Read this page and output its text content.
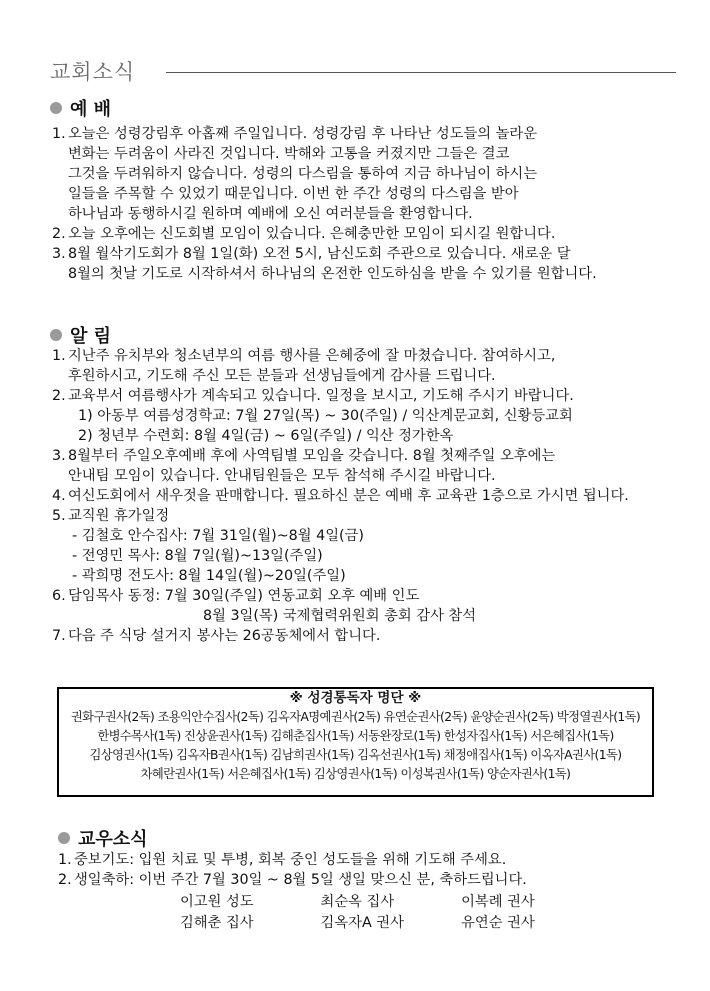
교회소식
예 배
1. 오늘은 성령강림후 아홉째 주일입니다. 성령강림 후 나타난 성도들의 놀라운
변화는 두려움이 사라진 것입니다. 박해와 고통을 커졌지만 그들은 결코
그것을 두려워하지 않습니다. 성령의 다스림을 통하여 지금 하나님이 하시는
일들을 주목할 수 있었기 때문입니다. 이번 한 주간 성령의 다스림을 받아
하나님과 동행하시길 원하며 예배에 오신 여러분들을 환영합니다.
2. 오늘 오후에는 신도회별 모임이 있습니다. 은혜충만한 모임이 되시길 원합니다.
3. 8월 월삭기도회가 8월 1일(화) 오전 5시, 남신도회 주관으로 있습니다. 새로운 달
8월의 첫날 기도로 시작하셔서 하나님의 온전한 인도하심을 받을 수 있기를 원합니다.
알 림
1. 지난주 유치부와 청소년부의 여름 행사를 은혜중에 잘 마쳤습니다. 참여하시고,
후원하시고, 기도해 주신 모든 분들과 선생님들에게 감사를 드립니다.
2. 교육부서 여름행사가 계속되고 있습니다. 일정을 보시고, 기도해 주시기 바랍니다.
1) 아동부 여름성경학교: 7월 27일(목) ~ 30(주일) / 익산계문교회, 신황등교회
2) 청년부 수련회: 8월 4일(금) ~ 6일(주일) / 익산 정가한옥
3. 8월부터 주일오후예배 후에 사역팀별 모임을 갖습니다. 8월 첫째주일 오후에는
안내팀 모임이 있습니다. 안내팀원들은 모두 참석해 주시길 바랍니다.
4. 여신도회에서 새우젓을 판매합니다. 필요하신 분은 예배 후 교육관 1층으로 가시면 됩니다.
5. 교직원 휴가일정
- 김철호 안수집사: 7월 31일(월)~8월 4일(금)
- 전영민 목사: 8월 7일(월)~13일(주일)
- 곽희명 전도사: 8월 14일(월)~20일(주일)
6. 담임목사 동정: 7월 30일(주일) 연동교회 오후 예배 인도
8월 3일(목) 국제협력위원회 총회 감사 참석
7. 다음 주 식당 설거지 봉사는 26공동체에서 합니다.
※ 성경통독자 명단 ※
권화구권사(2독) 조용익안수집사(2독) 김옥자A명예권사(2독) 유연순권사(2독) 윤양순권사(2독) 박정열권사(1독)
한병수목사(1독) 진상윤권사(1독) 김해춘집사(1독) 서동완장로(1독) 한성자집사(1독) 서은혜집사(1독)
김상영권사(1독) 김옥자B권사(1독) 김남희권사(1독) 김옥선권사(1독) 채정애집사(1독) 이옥자A권사(1독)
차혜란권사(1독) 서은혜집사(1독) 김상영권사(1독) 이성복권사(1독) 양순자권사(1독)
교우소식
1. 중보기도: 입원 치료 및 투병, 회복 중인 성도들을 위해 기도해 주세요.
2. 생일축하: 이번 주간 7월 30일 ~ 8월 5일 생일 맞으신 분, 축하드립니다.
이고원 성도	최순옥 집사	이복례 권사
김해춘 집사	김옥자A 권사	유연순 권사
